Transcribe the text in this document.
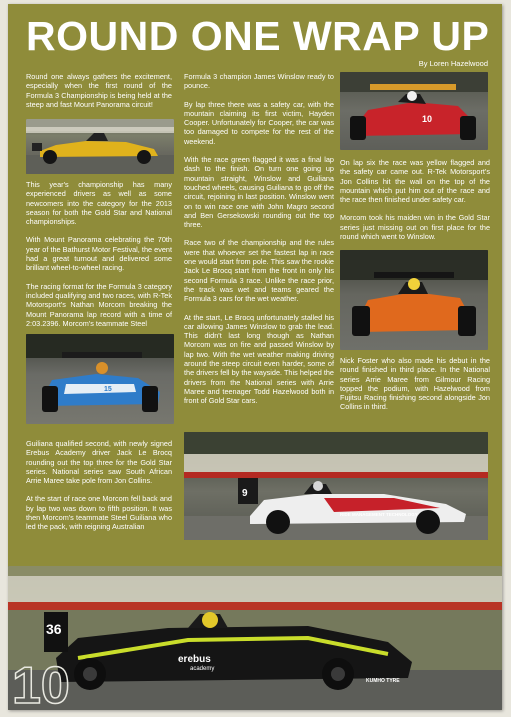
ROUND ONE WRAP UP
By Loren Hazelwood

Round one always gathers the excitement, especially when the first round of the Formula 3 Championship is being held at the steep and fast Mount Panorama circuit!

This year's championship has many experienced drivers as well as some newcomers into the category for the 2013 season for both the Gold Star and National championships.

With Mount Panorama celebrating the 70th year of the Bathurst Motor Festival, the event had a great turnout and delivered some brilliant wheel-to-wheel racing.

The racing format for the Formula 3 category included qualifying and two races, with R-Tek Motorsport's Nathan Morcom breaking the Mount Panorama lap record with a time of 2:03.2396. Morcom's teammate Steel

15

Guiliana qualified second, with newly signed Erebus Academy driver Jack Le Brocq rounding out the top three for the Gold Star series. National series saw South African Arrie Maree take pole from Jon Collins.

At the start of race one Morcom fell back and by lap two was down to fifth position. It was then Morcom's teammate Steel Guiliana who led the pack, with reigning Australian

Formula 3 champion James Winslow ready to pounce.

By lap three there was a safety car, with the mountain claiming its first victim, Hayden Cooper. Unfortunately for Cooper, the car was too damaged to compete for the rest of the weekend.

With the race green flagged it was a final lap dash to the finish. On turn one going up mountain straight, Winslow and Guiliana touched wheels, causing Guiliana to go off the circuit, rejoining in last position. Winslow went on to win race one with John Magro second and Ben Gersekowski rounding out the top three.

Race two of the championship and the rules were that whoever set the fastest lap in race one would start from pole. This saw the rookie Jack Le Brocq start from the front in only his second Formula 3 race. Unlike the race prior, the track was wet and teams geared the Formula 3 cars for the wet weather.

At the start, Le Brocq unfortunately stalled his car allowing James Winslow to grab the lead. This didn't last long though as Nathan Morcom was on fire and passed Winslow by lap two. With the wet weather making driving around the steep circuit even harder, some of the drivers fell by the wayside. This helped the drivers from the National series with Arrie Maree and teenager Todd Hazelwood both in front of Gold Star cars.

10

On lap six the race was yellow flagged and the safety car came out. R-Tek Motorsport's Jon Collins hit the wall on the top of the mountain which put him out of the race and the race then finished under safety car.

Morcom took his maiden win in the Gold Star series just missing out on first place for the round which went to Winslow.

Nick Foster who also made his debut in the round finished in third place. In the National series Arrie Maree from Gilmour Racing topped the podium, with Hazelwood from Fujitsu Racing finishing second alongside Jon Collins in third.

9
RIDE MANAGEMENT TECHNOLOGY
36
erebus
academy
KUMHO TYRE
10
